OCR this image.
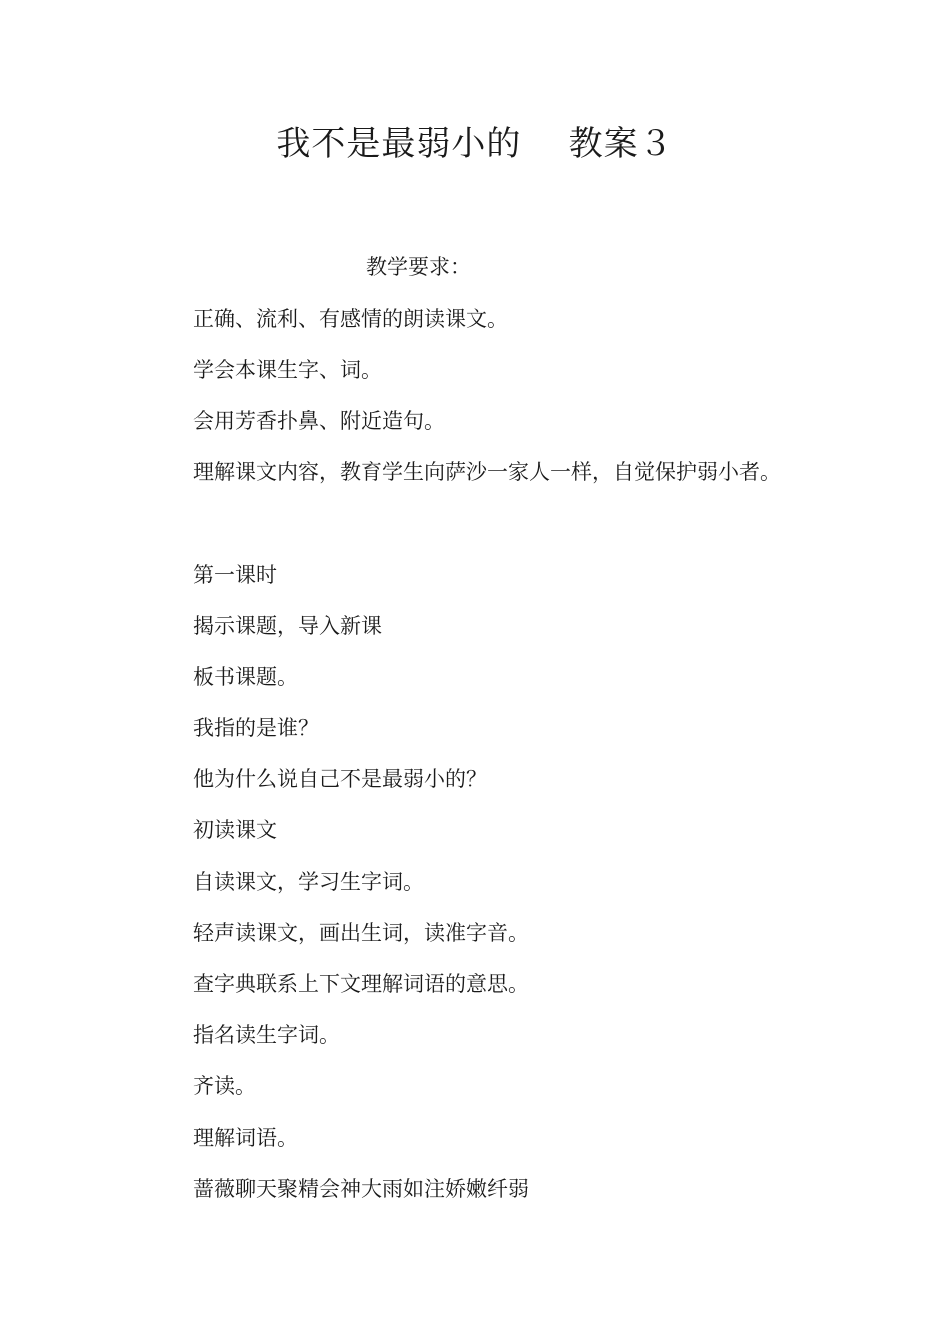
我不是最弱小的    教案３
教学要求：
正确、流利、有感情的朗读课文。
学会本课生字、词。
会用芳香扑鼻、附近造句。
理解课文内容，教育学生向萨沙一家人一样，自觉保护弱小者。
第一课时
揭示课题，导入新课
板书课题。
我指的是谁？
他为什么说自己不是最弱小的？
初读课文
自读课文，学习生字词。
轻声读课文，画出生词，读准字音。
查字典联系上下文理解词语的意思。
指名读生字词。
齐读。
理解词语。
蔷薇聊天聚精会神大雨如注娇嫩纤弱
